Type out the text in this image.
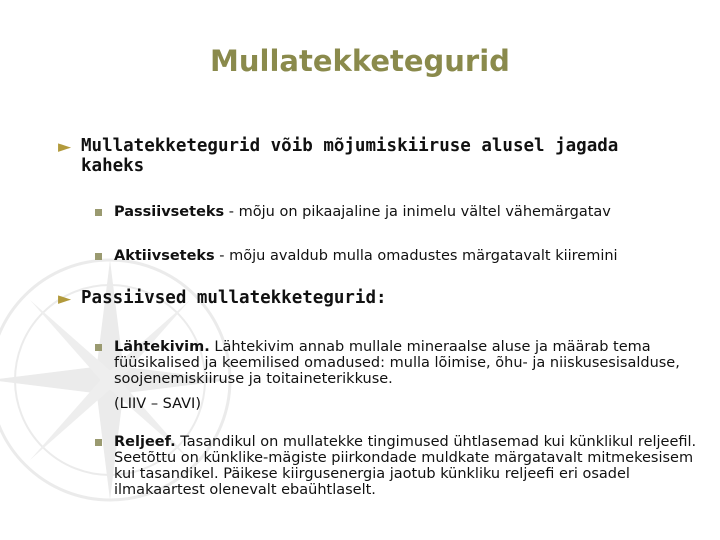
Mullatekketegurid
► Mullatekketegurid võib mõjumiskiiruse alusel jagada kaheks
Passiivseteks - mõju on pikaajaline ja inimelu vältel vähemärgatav
Aktiivseteks - mõju avaldub mulla omadustes märgatavalt kiiremini
► Passiivsed mullatekketegurid:
Lähtekivim. Lähtekivim annab mullale mineraalse aluse ja määrab tema füüsikalised ja keemilised omadused: mulla lõimise, õhu- ja niiskusesisalduse, soojenemiskiiruse ja toitaineterikkuse.
(LIIV – SAVI)
Reljeef. Tasandikul on mullatekke tingimused ühtlasemad kui künklikul reljeefil. Seetõttu on künklike-mägiste piirkondade muldkate märgatavalt mitmekesisem kui tasandikel. Päikese kiirgusenergia jaotub künkliku reljeefi eri osadel ilmakaartest olenevalt ebaühtlaselt.
